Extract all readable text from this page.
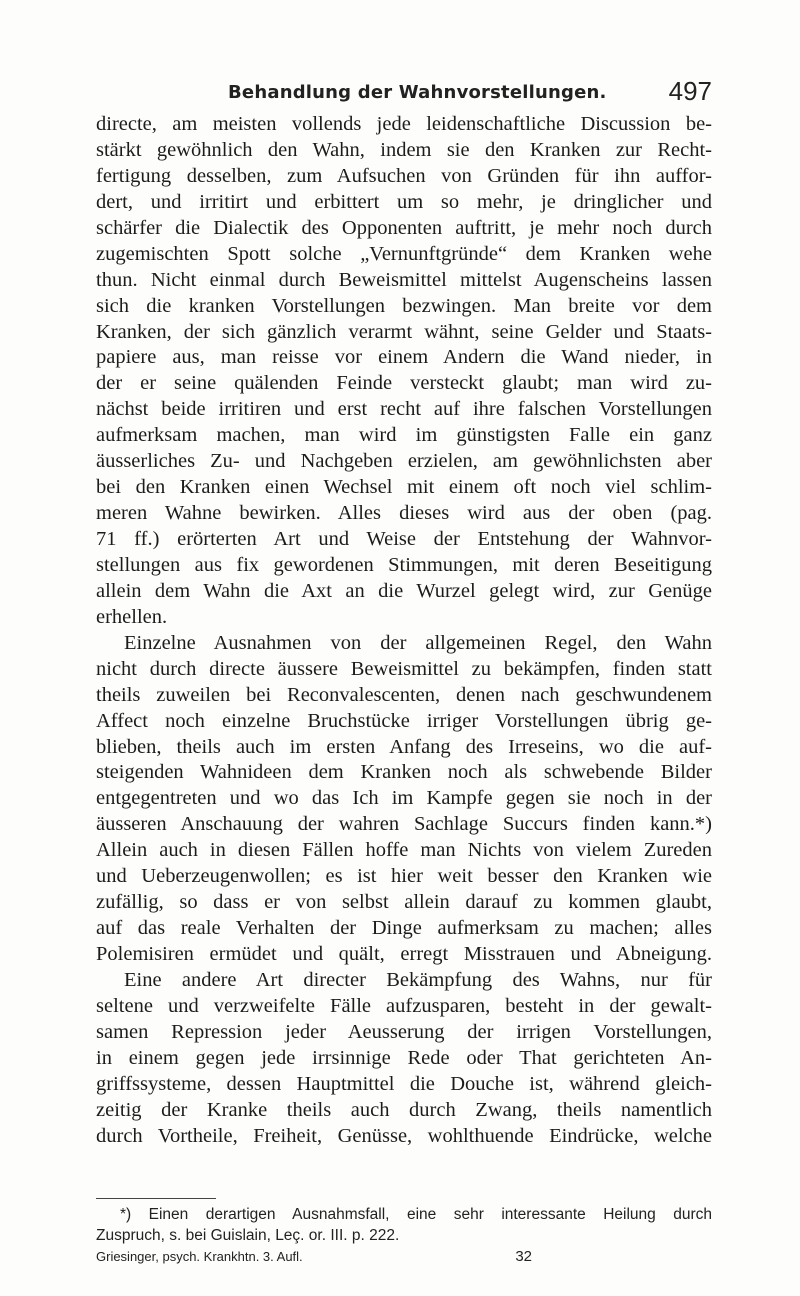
Behandlung der Wahnvorstellungen. 497
directe, am meisten vollends jede leidenschaftliche Discussion be-
stärkt gewöhnlich den Wahn, indem sie den Kranken zur Recht-
fertigung desselben, zum Aufsuchen von Gründen für ihn auffor-
dert, und irritirt und erbittert um so mehr, je dringlicher und
schärfer die Dialectik des Opponenten auftritt, je mehr noch durch
zugemischten Spott solche „Vernunftgründe“ dem Kranken wehe
thun. Nicht einmal durch Beweismittel mittelst Augenscheins lassen
sich die kranken Vorstellungen bezwingen. Man breite vor dem
Kranken, der sich gänzlich verarmt wähnt, seine Gelder und Staats-
papiere aus, man reisse vor einem Andern die Wand nieder, in
der er seine quälenden Feinde versteckt glaubt; man wird zu-
nächst beide irritiren und erst recht auf ihre falschen Vorstellungen
aufmerksam machen, man wird im günstigsten Falle ein ganz
äusserliches Zu- und Nachgeben erzielen, am gewöhnlichsten aber
bei den Kranken einen Wechsel mit einem oft noch viel schlim-
meren Wahne bewirken. Alles dieses wird aus der oben (pag.
71 ff.) erörterten Art und Weise der Entstehung der Wahnvor-
stellungen aus fix gewordenen Stimmungen, mit deren Beseitigung
allein dem Wahn die Axt an die Wurzel gelegt wird, zur Genüge
erhellen.
Einzelne Ausnahmen von der allgemeinen Regel, den Wahn
nicht durch directe äussere Beweismittel zu bekämpfen, finden statt
theils zuweilen bei Reconvalescenten, denen nach geschwundenem
Affect noch einzelne Bruchstücke irriger Vorstellungen übrig ge-
blieben, theils auch im ersten Anfang des Irreseins, wo die auf-
steigenden Wahnideen dem Kranken noch als schwebende Bilder
entgegentreten und wo das Ich im Kampfe gegen sie noch in der
äusseren Anschauung der wahren Sachlage Succurs finden kann.*)
Allein auch in diesen Fällen hoffe man Nichts von vielem Zureden
und Ueberzeugenwollen; es ist hier weit besser den Kranken wie
zufällig, so dass er von selbst allein darauf zu kommen glaubt,
auf das reale Verhalten der Dinge aufmerksam zu machen; alles
Polemisiren ermüdet und quält, erregt Misstrauen und Abneigung.
Eine andere Art directer Bekämpfung des Wahns, nur für
seltene und verzweifelte Fälle aufzusparen, besteht in der gewalt-
samen Repression jeder Aeusserung der irrigen Vorstellungen,
in einem gegen jede irrsinnige Rede oder That gerichteten An-
griffssysteme, dessen Hauptmittel die Douche ist, während gleich-
zeitig der Kranke theils auch durch Zwang, theils namentlich
durch Vortheile, Freiheit, Genüsse, wohlthuende Eindrücke, welche
*) Einen derartigen Ausnahmsfall, eine sehr interessante Heilung durch
Zuspruch, s. bei Guislain, Leç. or. III. p. 222.
Griesinger, psych. Krankhtn. 3. Aufl.	32
